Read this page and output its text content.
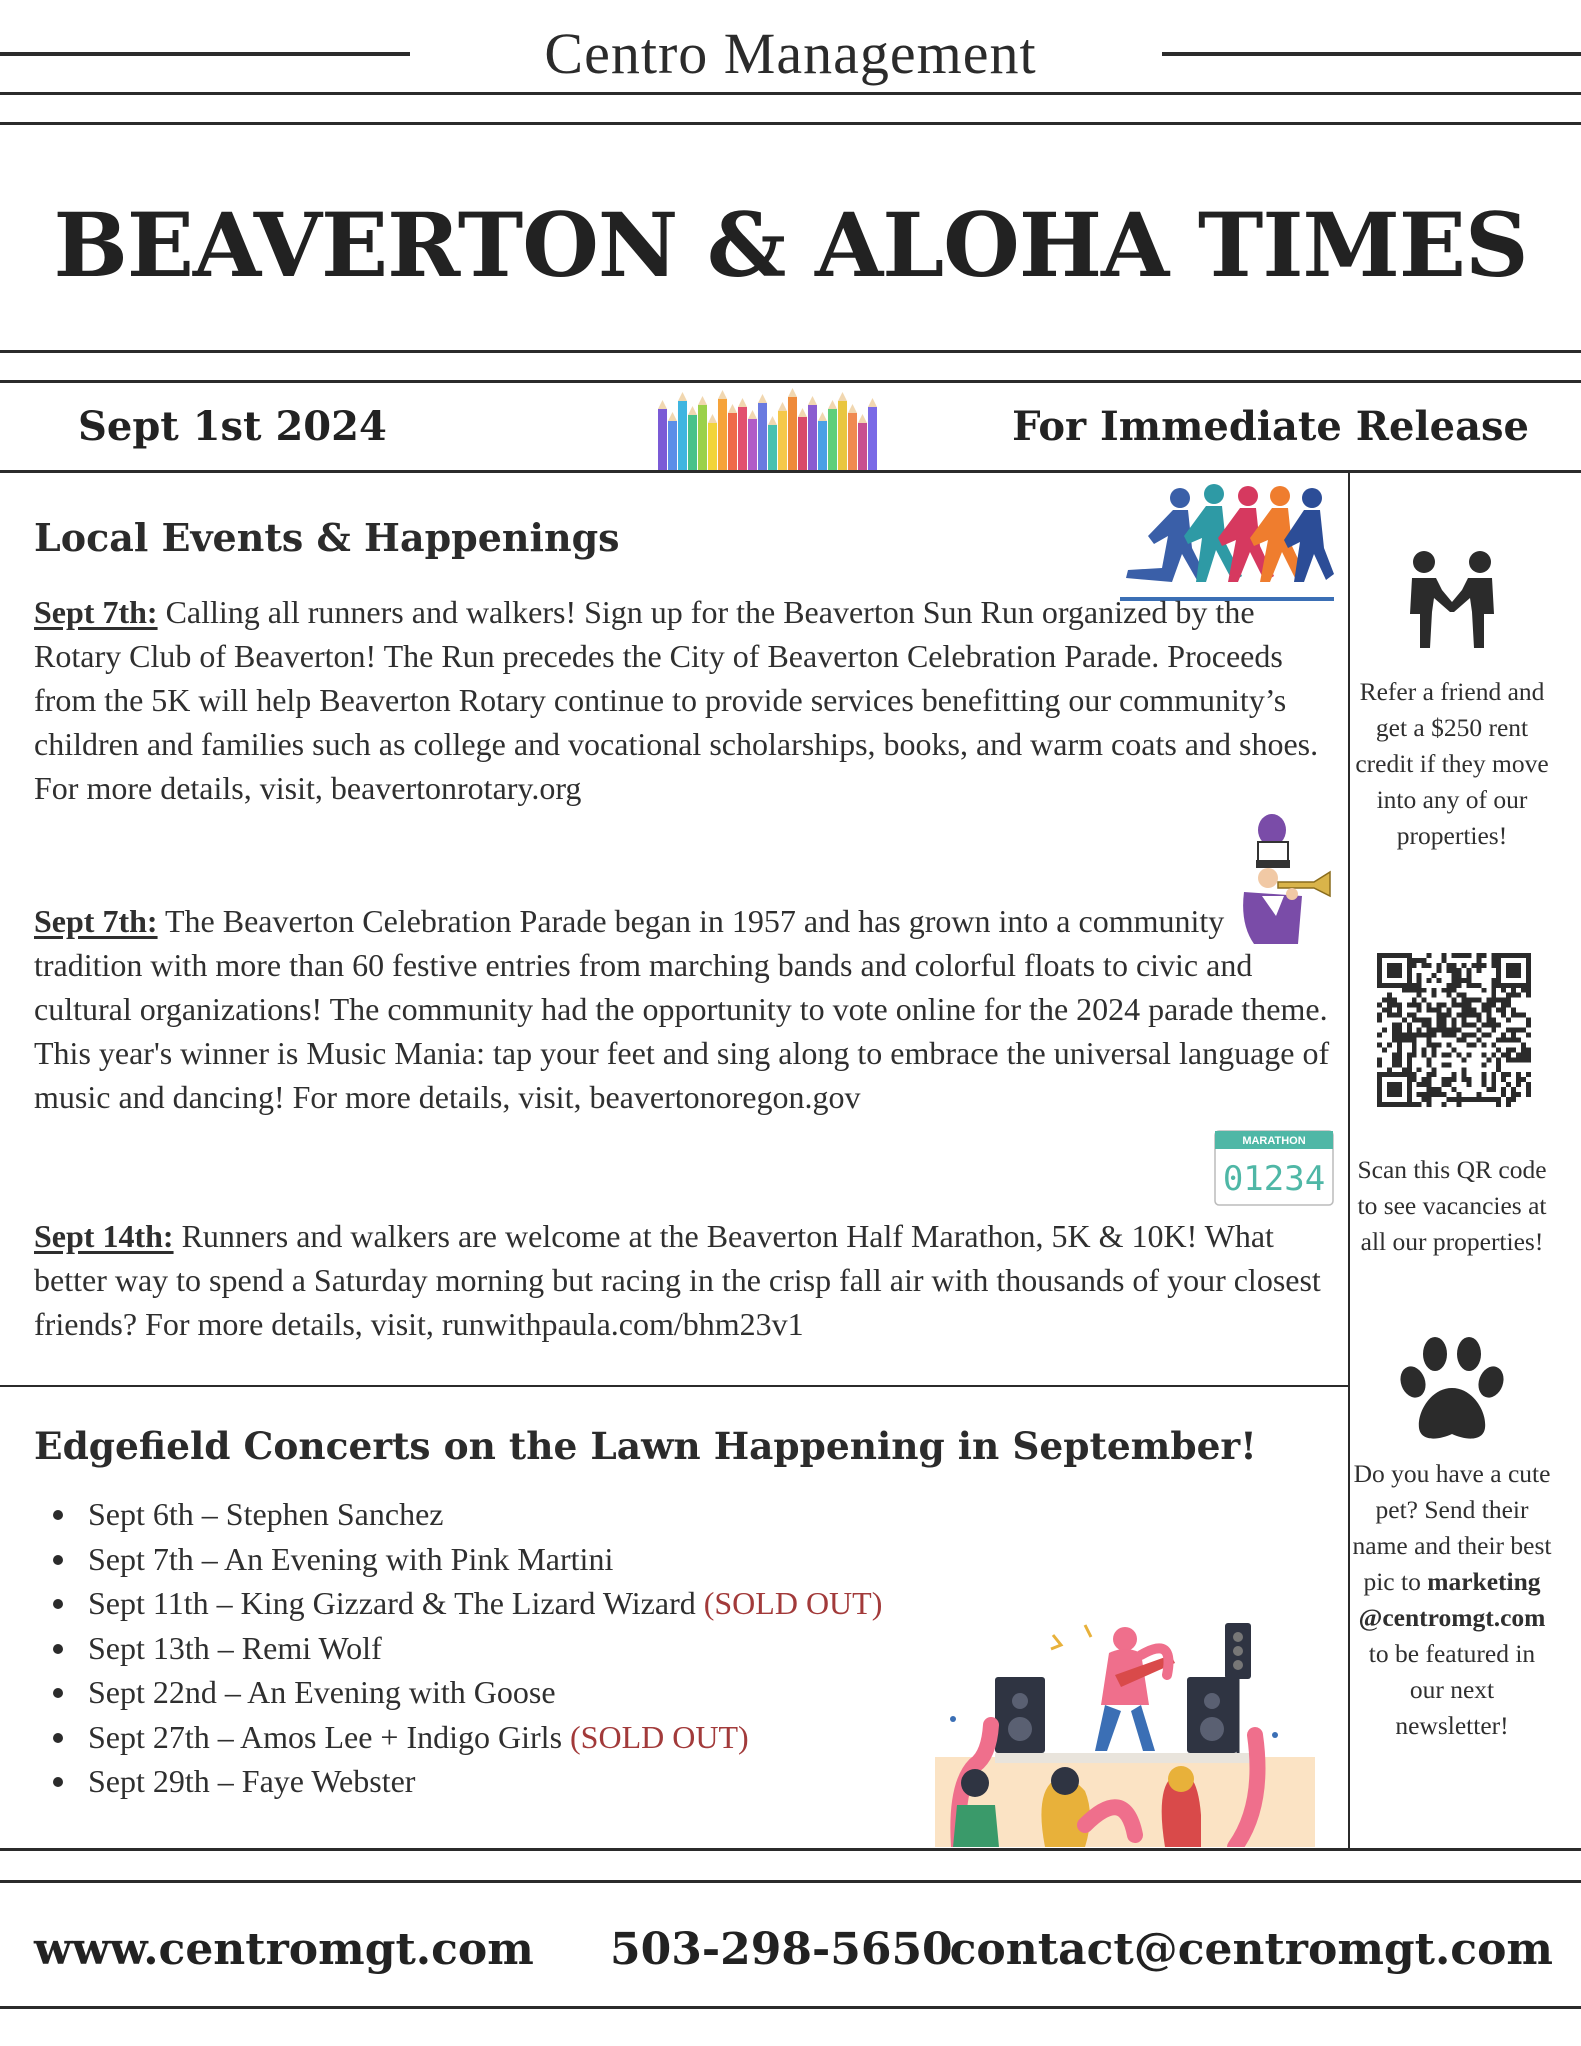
Centro Management
BEAVERTON & ALOHA TIMES
Sept 1st 2024	For Immediate Release
Local Events & Happenings
Sept 7th: Calling all runners and walkers! Sign up for the Beaverton Sun Run organized by the Rotary Club of Beaverton! The Run precedes the City of Beaverton Celebration Parade. Proceeds from the 5K will help Beaverton Rotary continue to provide services benefitting our community’s children and families such as college and vocational scholarships, books, and warm coats and shoes. For more details, visit, beavertonrotary.org
Sept 7th: The Beaverton Celebration Parade began in 1957 and has grown into a community tradition with more than 60 festive entries from marching bands and colorful floats to civic and cultural organizations! The community had the opportunity to vote online for the 2024 parade theme. This year's winner is Music Mania: tap your feet and sing along to embrace the universal language of music and dancing! For more details, visit, beavertonoregon.gov
MARATHON
01234
Sept 14th: Runners and walkers are welcome at the Beaverton Half Marathon, 5K & 10K! What better way to spend a Saturday morning but racing in the crisp fall air with thousands of your closest friends? For more details, visit, runwithpaula.com/bhm23v1
Edgefield Concerts on the Lawn Happening in September!
Sept 6th – Stephen Sanchez
Sept 7th – An Evening with Pink Martini
Sept 11th – King Gizzard & The Lizard Wizard (SOLD OUT)
Sept 13th – Remi Wolf
Sept 22nd – An Evening with Goose
Sept 27th – Amos Lee + Indigo Girls (SOLD OUT)
Sept 29th – Faye Webster
Refer a friend and get a $250 rent credit if they move into any of our properties!
Scan this QR code to see vacancies at all our properties!
Do you have a cute pet? Send their name and their best pic to marketing@centromgt.com to be featured in our next newsletter!
www.centromgt.com 503-298-5650
contact@centromgt.com
